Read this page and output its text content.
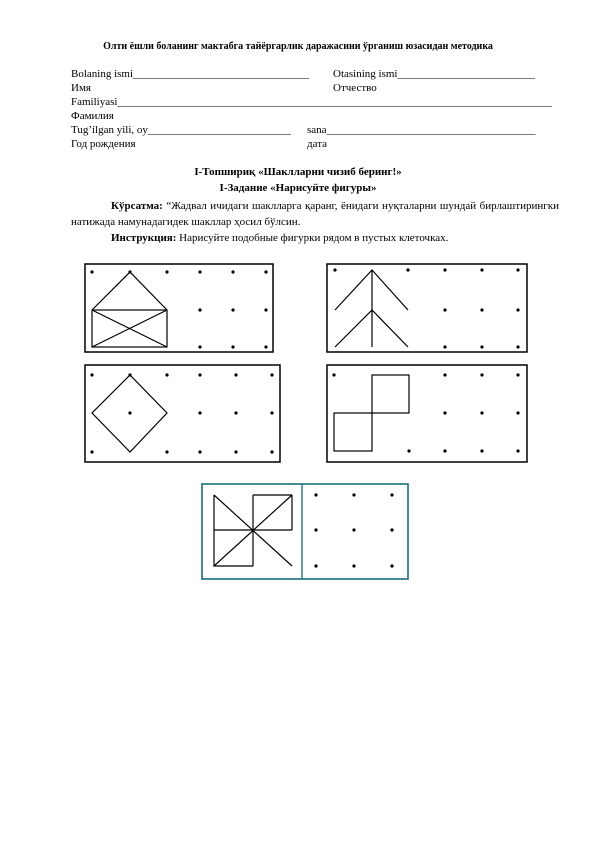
Олти ёшли боланинг мактабга тайёргарлик даражасини ўрганиш юзасидан методика
Bolaning ismi________________________________ Otasining ismi_________________________
Имя	Отчество
Familiyasi_______________________________________________________________________________
Фамилия
Tug’ilgan yili, oy__________________________ sana______________________________________
Год рождения	дата
I-Топшириқ «Шаклларни чизиб беринг!»
I-Задание «Нарисуйте фигуры»
Кўрсатма: “Жадвал ичидаги шаклларга қаранг, ёнидаги нуқталарни шундай бирлаштирингки натижада намунадагидек шакллар ҳосил бўлсин.
Инструкция: Нарисуйте подобные фигурки рядом в пустых клеточках.
